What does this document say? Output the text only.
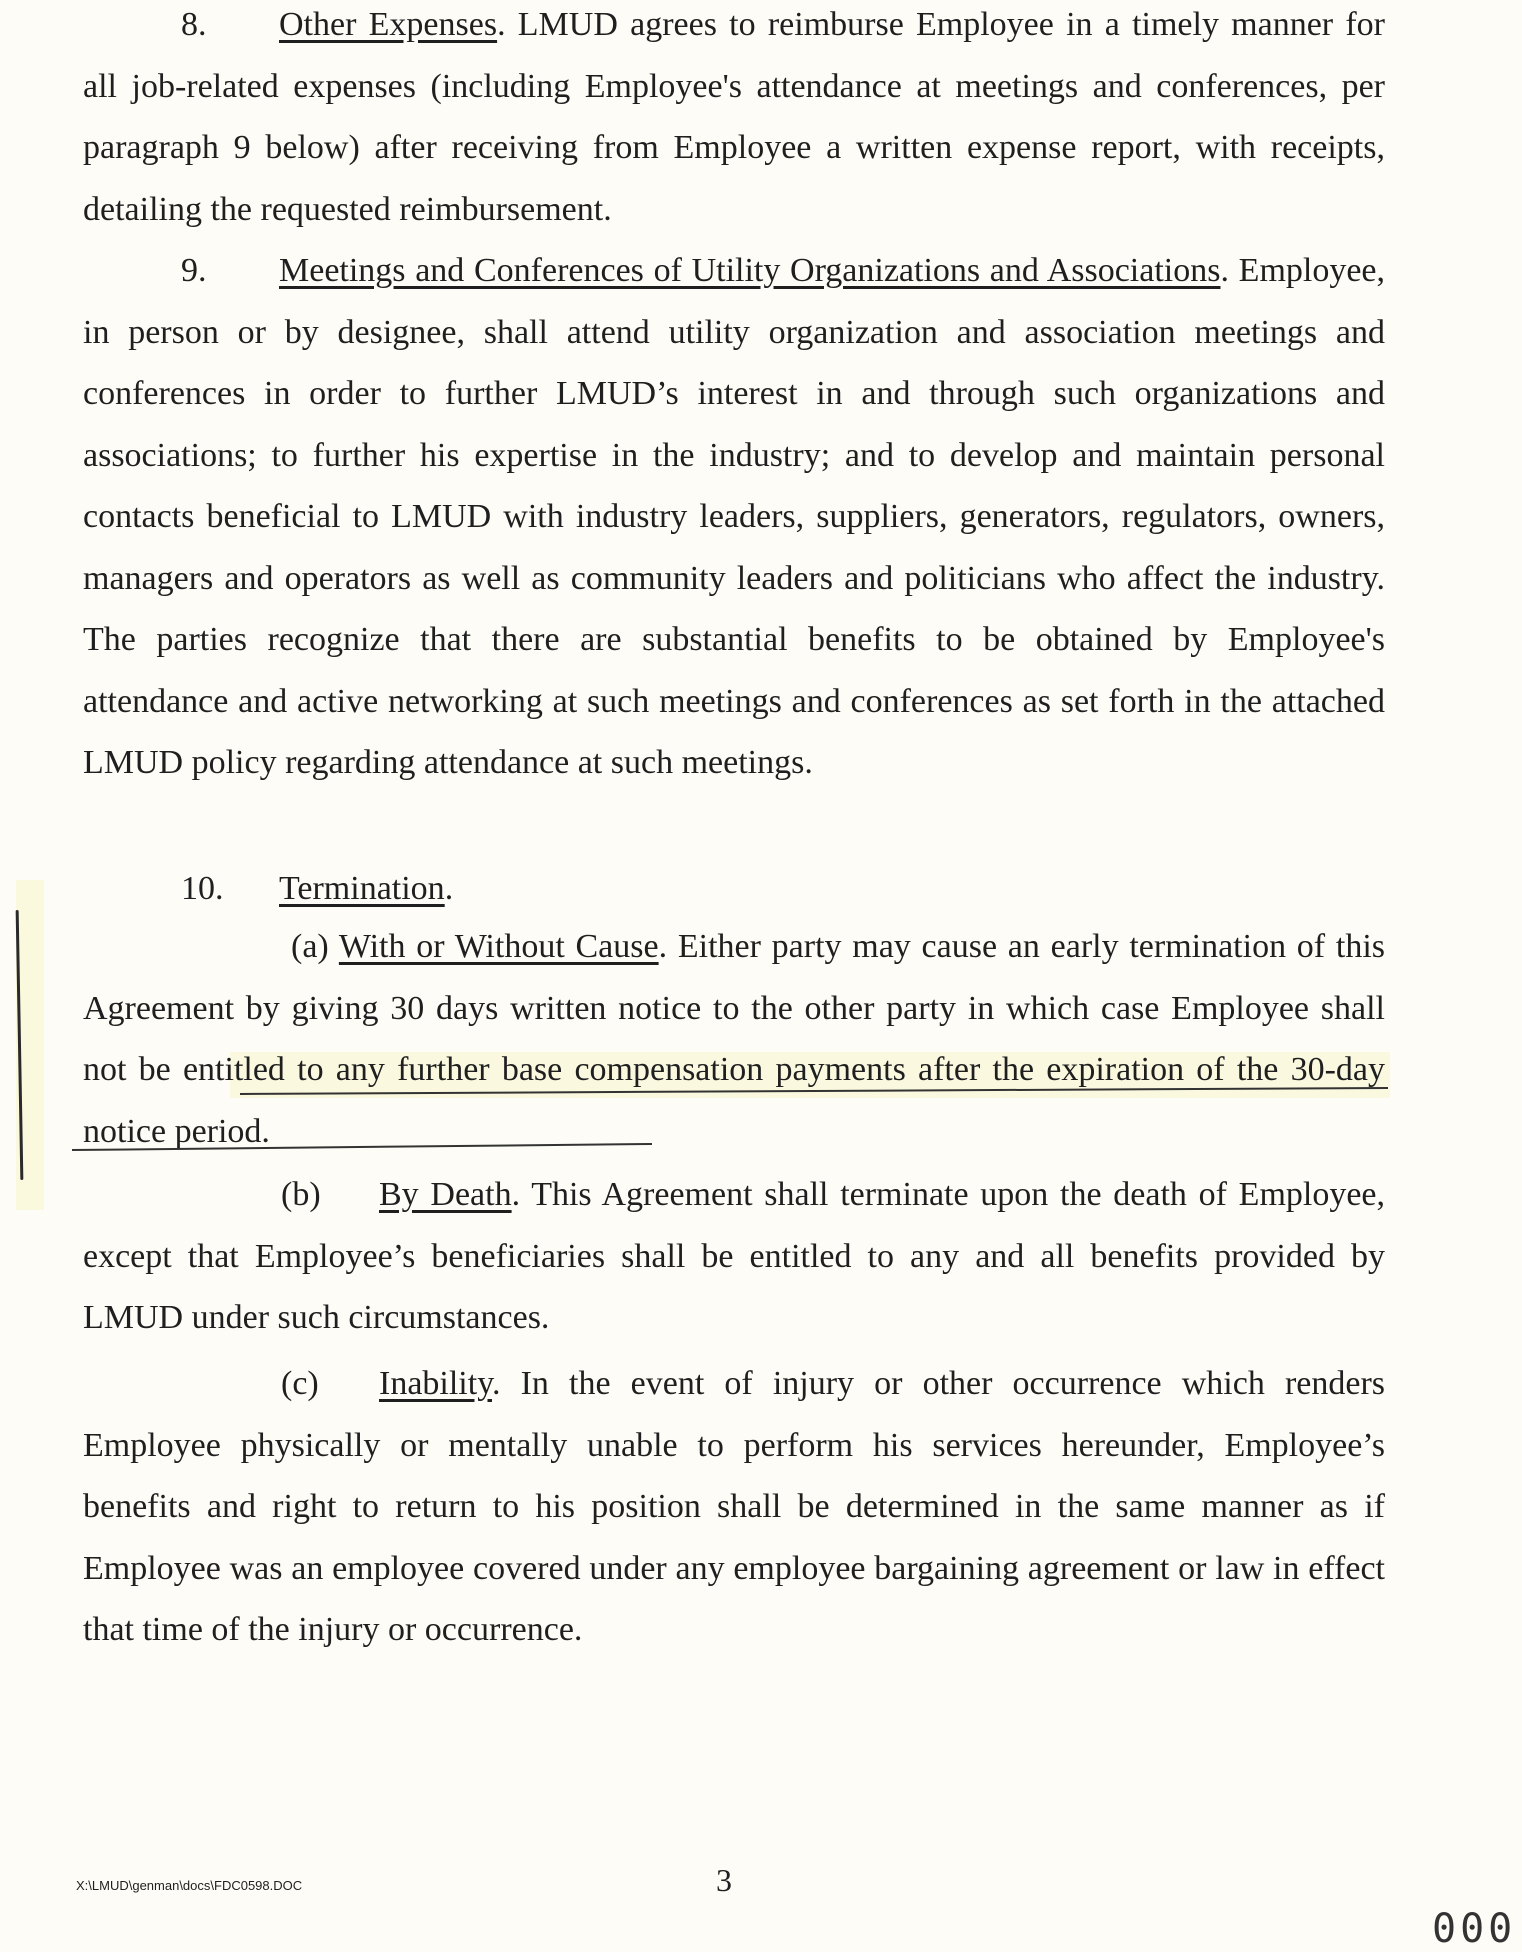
8. Other Expenses. LMUD agrees to reimburse Employee in a timely manner for all job-related expenses (including Employee's attendance at meetings and conferences, per paragraph 9 below) after receiving from Employee a written expense report, with receipts, detailing the requested reimbursement.

9. Meetings and Conferences of Utility Organizations and Associations. Employee, in person or by designee, shall attend utility organization and association meetings and conferences in order to further LMUD’s interest in and through such organizations and associations; to further his expertise in the industry; and to develop and maintain personal contacts beneficial to LMUD with industry leaders, suppliers, generators, regulators, owners, managers and operators as well as community leaders and politicians who affect the industry. The parties recognize that there are substantial benefits to be obtained by Employee's attendance and active networking at such meetings and conferences as set forth in the attached LMUD policy regarding attendance at such meetings.

10. Termination.

(a) With or Without Cause. Either party may cause an early termination of this Agreement by giving 30 days written notice to the other party in which case Employee shall not be entitled to any further base compensation payments after the expiration of the 30-day notice period.

(b) By Death. This Agreement shall terminate upon the death of Employee, except that Employee’s beneficiaries shall be entitled to any and all benefits provided by LMUD under such circumstances.

(c) Inability. In the event of injury or other occurrence which renders Employee physically or mentally unable to perform his services hereunder, Employee’s benefits and right to return to his position shall be determined in the same manner as if Employee was an employee covered under any employee bargaining agreement or law in effect that time of the injury or occurrence.

X:\LMUD\genman\docs\FDC0598.DOC	3
000
